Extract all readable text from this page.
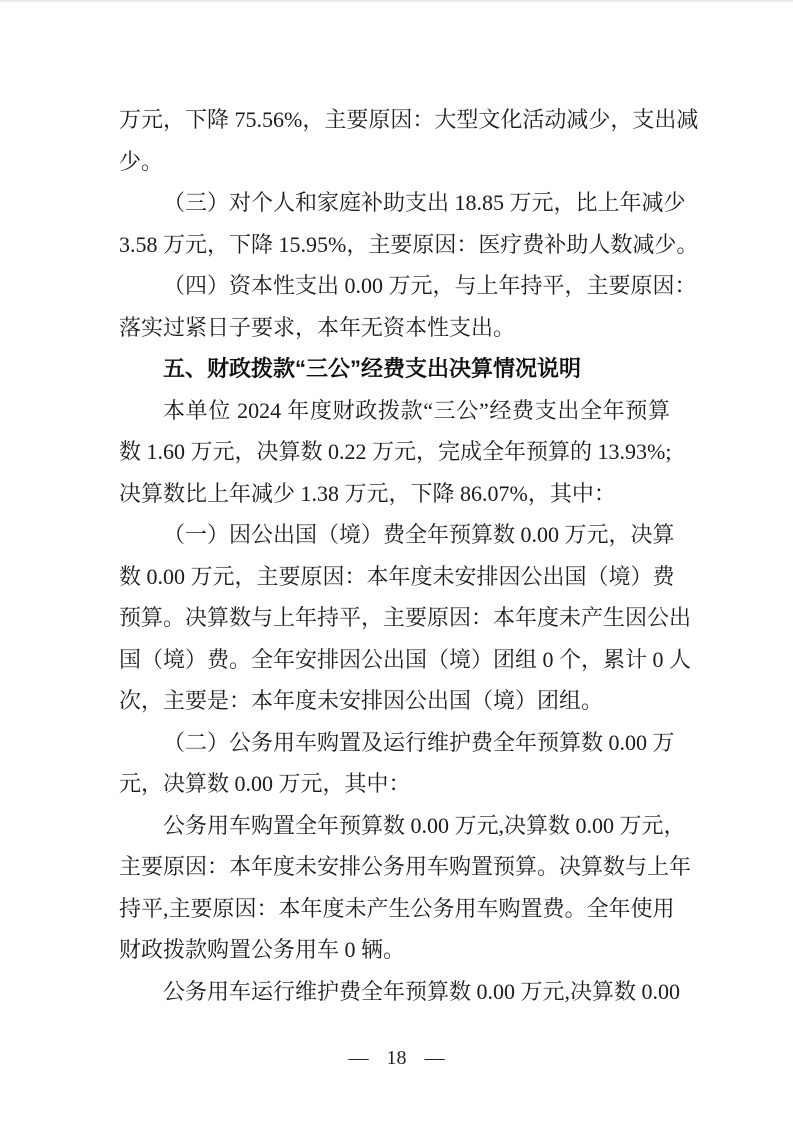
万元，下降 75.56%，主要原因：大型文化活动减少，支出减
少。
（三）对个人和家庭补助支出 18.85 万元，比上年减少
3.58 万元，下降 15.95%，主要原因：医疗费补助人数减少。
（四）资本性支出 0.00 万元，与上年持平，主要原因：
落实过紧日子要求，本年无资本性支出。
五、财政拨款“三公”经费支出决算情况说明
本单位 2024 年度财政拨款“三公”经费支出全年预算
数 1.60 万元，决算数 0.22 万元，完成全年预算的 13.93%;
决算数比上年减少 1.38 万元，下降 86.07%，其中：
（一）因公出国（境）费全年预算数 0.00 万元，决算
数 0.00 万元，主要原因：本年度未安排因公出国（境）费
预算。决算数与上年持平，主要原因：本年度未产生因公出
国（境）费。全年安排因公出国（境）团组 0 个，累计 0 人
次，主要是：本年度未安排因公出国（境）团组。
（二）公务用车购置及运行维护费全年预算数 0.00 万
元，决算数 0.00 万元，其中：
公务用车购置全年预算数 0.00 万元,决算数 0.00 万元，
主要原因：本年度未安排公务用车购置预算。决算数与上年
持平,主要原因：本年度未产生公务用车购置费。全年使用
财政拨款购置公务用车 0 辆。
公务用车运行维护费全年预算数 0.00 万元,决算数 0.00
— 18 —
